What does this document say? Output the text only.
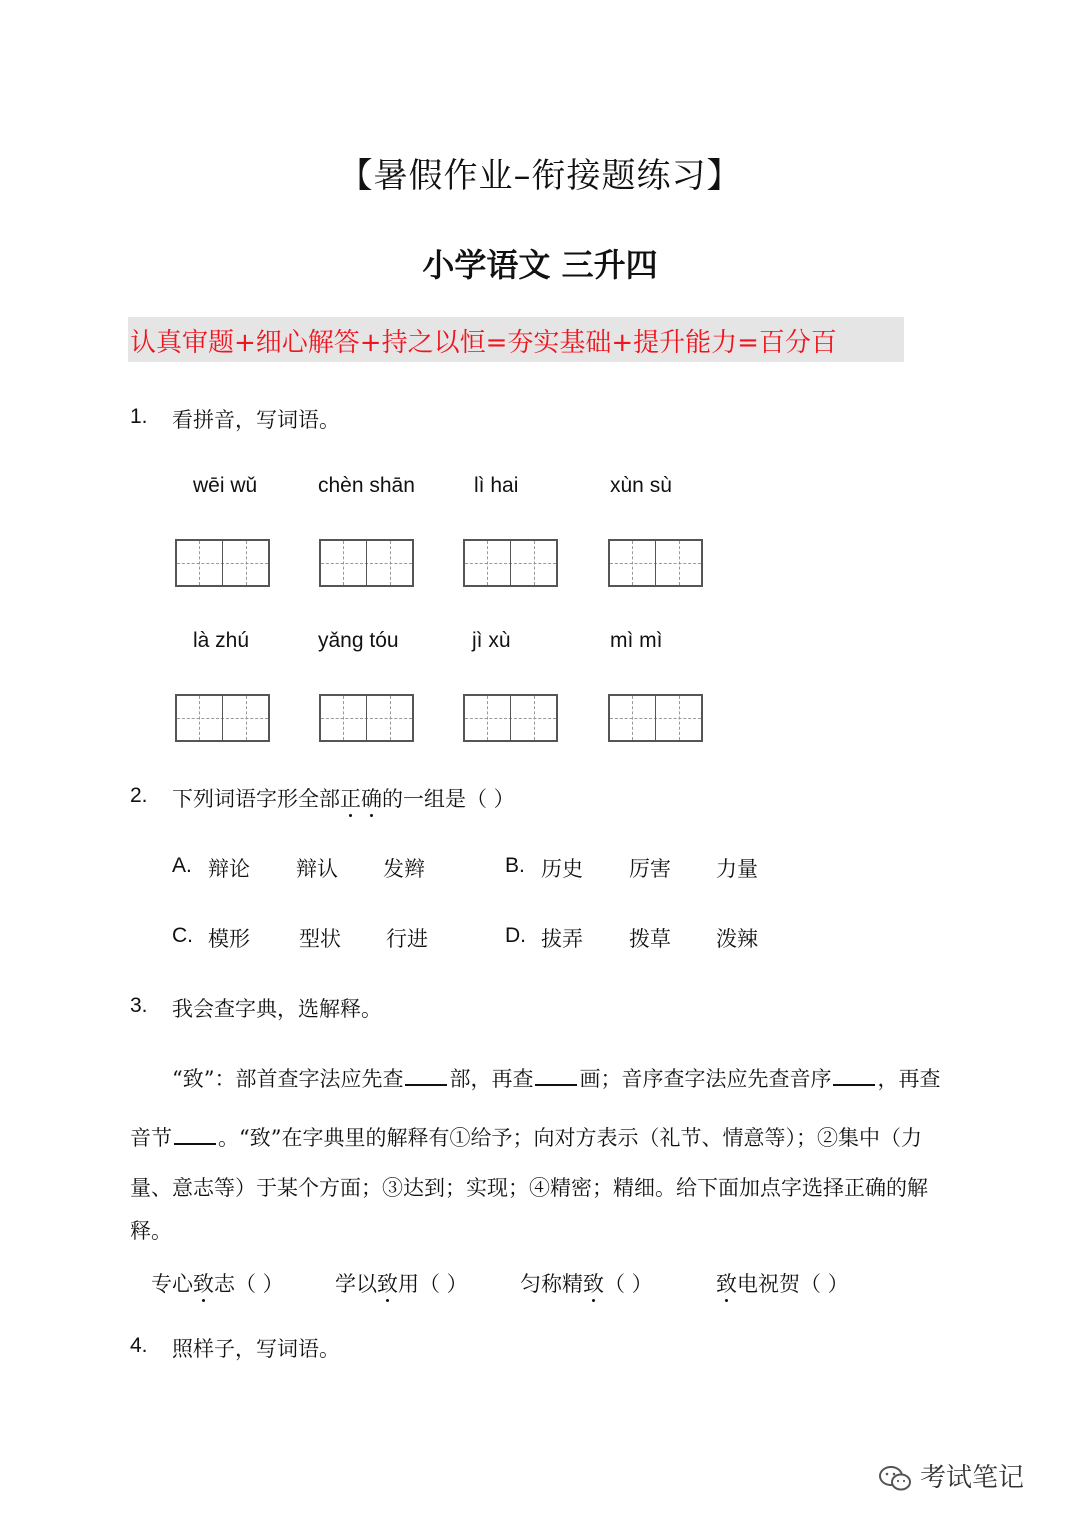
【暑假作业–衔接题练习】
小学语文 三升四
认真审题+细心解答+持之以恒=夯实基础+提升能力=百分百
1. 看拼音，写词语。
wēi wǔ	chèn shān	lì hai	xùn sù
là zhú	yǎng tóu	jì xù	mì mì
2. 下列词语字形全部正确的一组是（ ）
A. 辩论 辩认 发辫	B. 历史 厉害 力量
C. 模形 型状 行进	D. 拔弄 拨草 泼辣
3. 我会查字典，选解释。
“致”：部首查字法应先查 部，再查 画；音序查字法应先查音序 ，再查
音节 。“致”在字典里的解释有①给予；向对方表示（礼节、情意等）；②集中（力
量、意志等）于某个方面；③达到；实现；④精密；精细。给下面加点字选择正确的解
释。
专心致志（ ） 学以致用（ ） 匀称精致（ ）	致电祝贺（ ）
4. 照样子，写词语。
考试笔记
